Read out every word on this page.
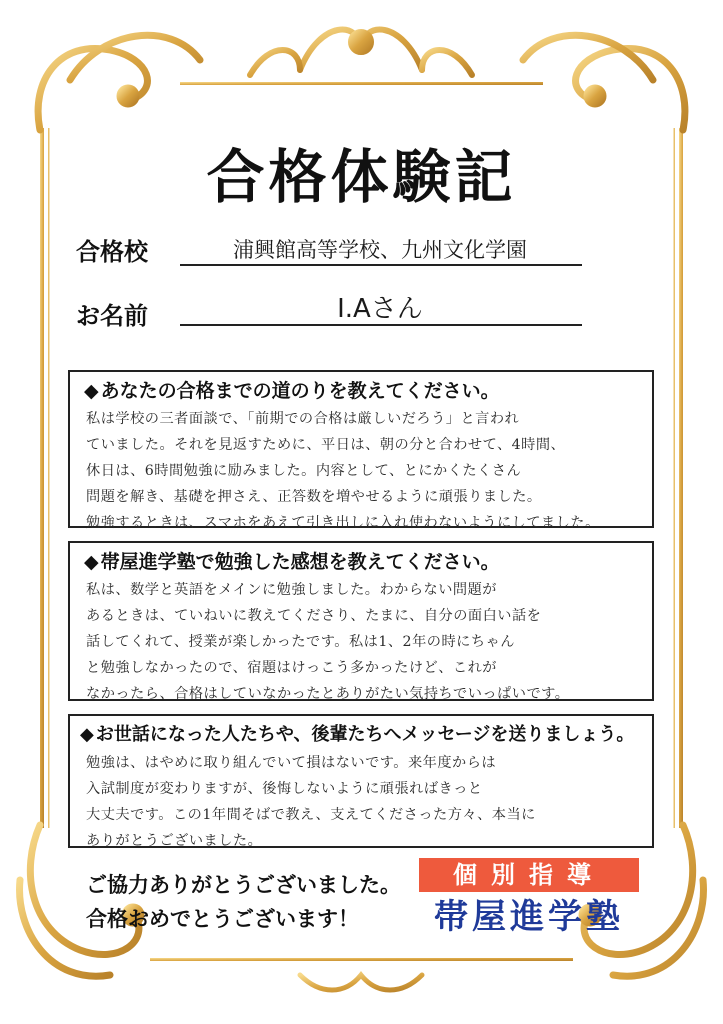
合格体験記
合格校	浦興館高等学校、九州文化学園
お名前	I.Aさん
◆ あなたの合格までの道のりを教えてください。
私は学校の三者面談で、「前期での合格は厳しいだろう」と言われ
ていました。それを見返すために、平日は、朝の分と合わせて、4時間、
休日は、6時間勉強に励みました。内容として、とにかくたくさん
問題を解き、基礎を押さえ、正答数を増やせるように頑張りました。
勉強するときは、スマホをあえて引き出しに入れ使わないようにしてました。
◆ 帯屋進学塾で勉強した感想を教えてください。
私は、数学と英語をメインに勉強しました。わからない問題が
あるときは、ていねいに教えてくださり、たまに、自分の面白い話を
話してくれて、授業が楽しかったです。私は1、2年の時にちゃん
と勉強しなかったので、宿題はけっこう多かったけど、これが
なかったら、合格はしていなかったとありがたい気持ちでいっぱいです。
◆ お世話になった人たちや、後輩たちへメッセージを送りましょう。
勉強は、はやめに取り組んでいて損はないです。来年度からは
入試制度が変わりますが、後悔しないように頑張ればきっと
大丈夫です。この1年間そばで教え、支えてくださった方々、本当に
ありがとうございました。
ご協力ありがとうございました。
合格おめでとうございます！
個別指導
帯屋進学塾
